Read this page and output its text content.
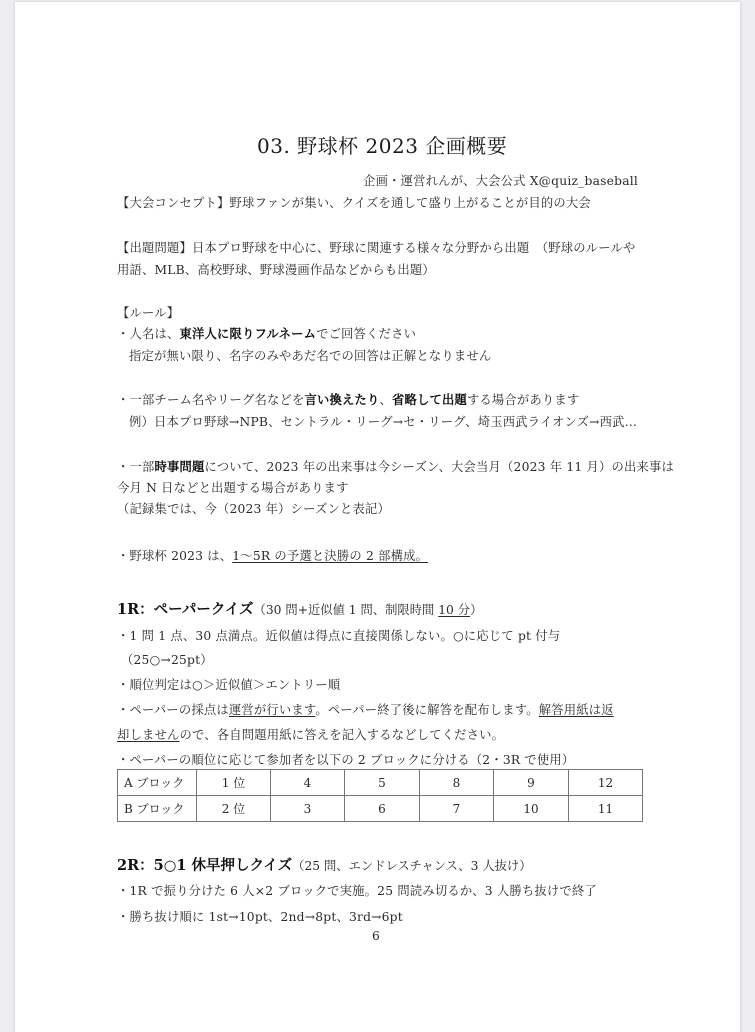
03. 野球杯 2023 企画概要
企画・運営れんが、大会公式 X@quiz_baseball
【大会コンセプト】野球ファンが集い、クイズを通して盛り上がることが目的の大会
【出題問題】日本プロ野球を中心に、野球に関連する様々な分野から出題　（野球のルールや
用語、MLB、高校野球、野球漫画作品などからも出題）
【ルール】
・人名は、東洋人に限りフルネームでご回答ください
指定が無い限り、名字のみやあだ名での回答は正解となりません
・一部チーム名やリーグ名などを言い換えたり、省略して出題する場合があります
例）日本プロ野球→NPB、セントラル・リーグ→セ・リーグ、埼玉西武ライオンズ→西武…
・一部時事問題について、2023 年の出来事は今シーズン、大会当月（2023 年 11 月）の出来事は
今月 N 日などと出題する場合があります
（記録集では、今（2023 年）シーズンと表記）
・野球杯 2023 は、1～5R の予選と決勝の 2 部構成。
1R：ペーパークイズ（30 問+近似値 1 問、制限時間 10 分）
・1 問 1 点、30 点満点。近似値は得点に直接関係しない。○に応じて pt 付与
（25○→25pt）
・順位判定は○＞近似値＞エントリー順
・ペーパーの採点は運営が行います。ペーパー終了後に解答を配布します。解答用紙は返
却しませんので、各自問題用紙に答えを記入するなどしてください。
・ペーパーの順位に応じて参加者を以下の 2 ブロックに分ける（2・3R で使用）
A ブロック	1 位	4	5	8	9	12
B ブロック	2 位	3	6	7	10	11
2R：5○1 休早押しクイズ（25 問、エンドレスチャンス、3 人抜け）
・1R で振り分けた 6 人×2 ブロックで実施。25 問読み切るか、3 人勝ち抜けで終了
・勝ち抜け順に 1st→10pt、2nd→8pt、3rd→6pt
6
